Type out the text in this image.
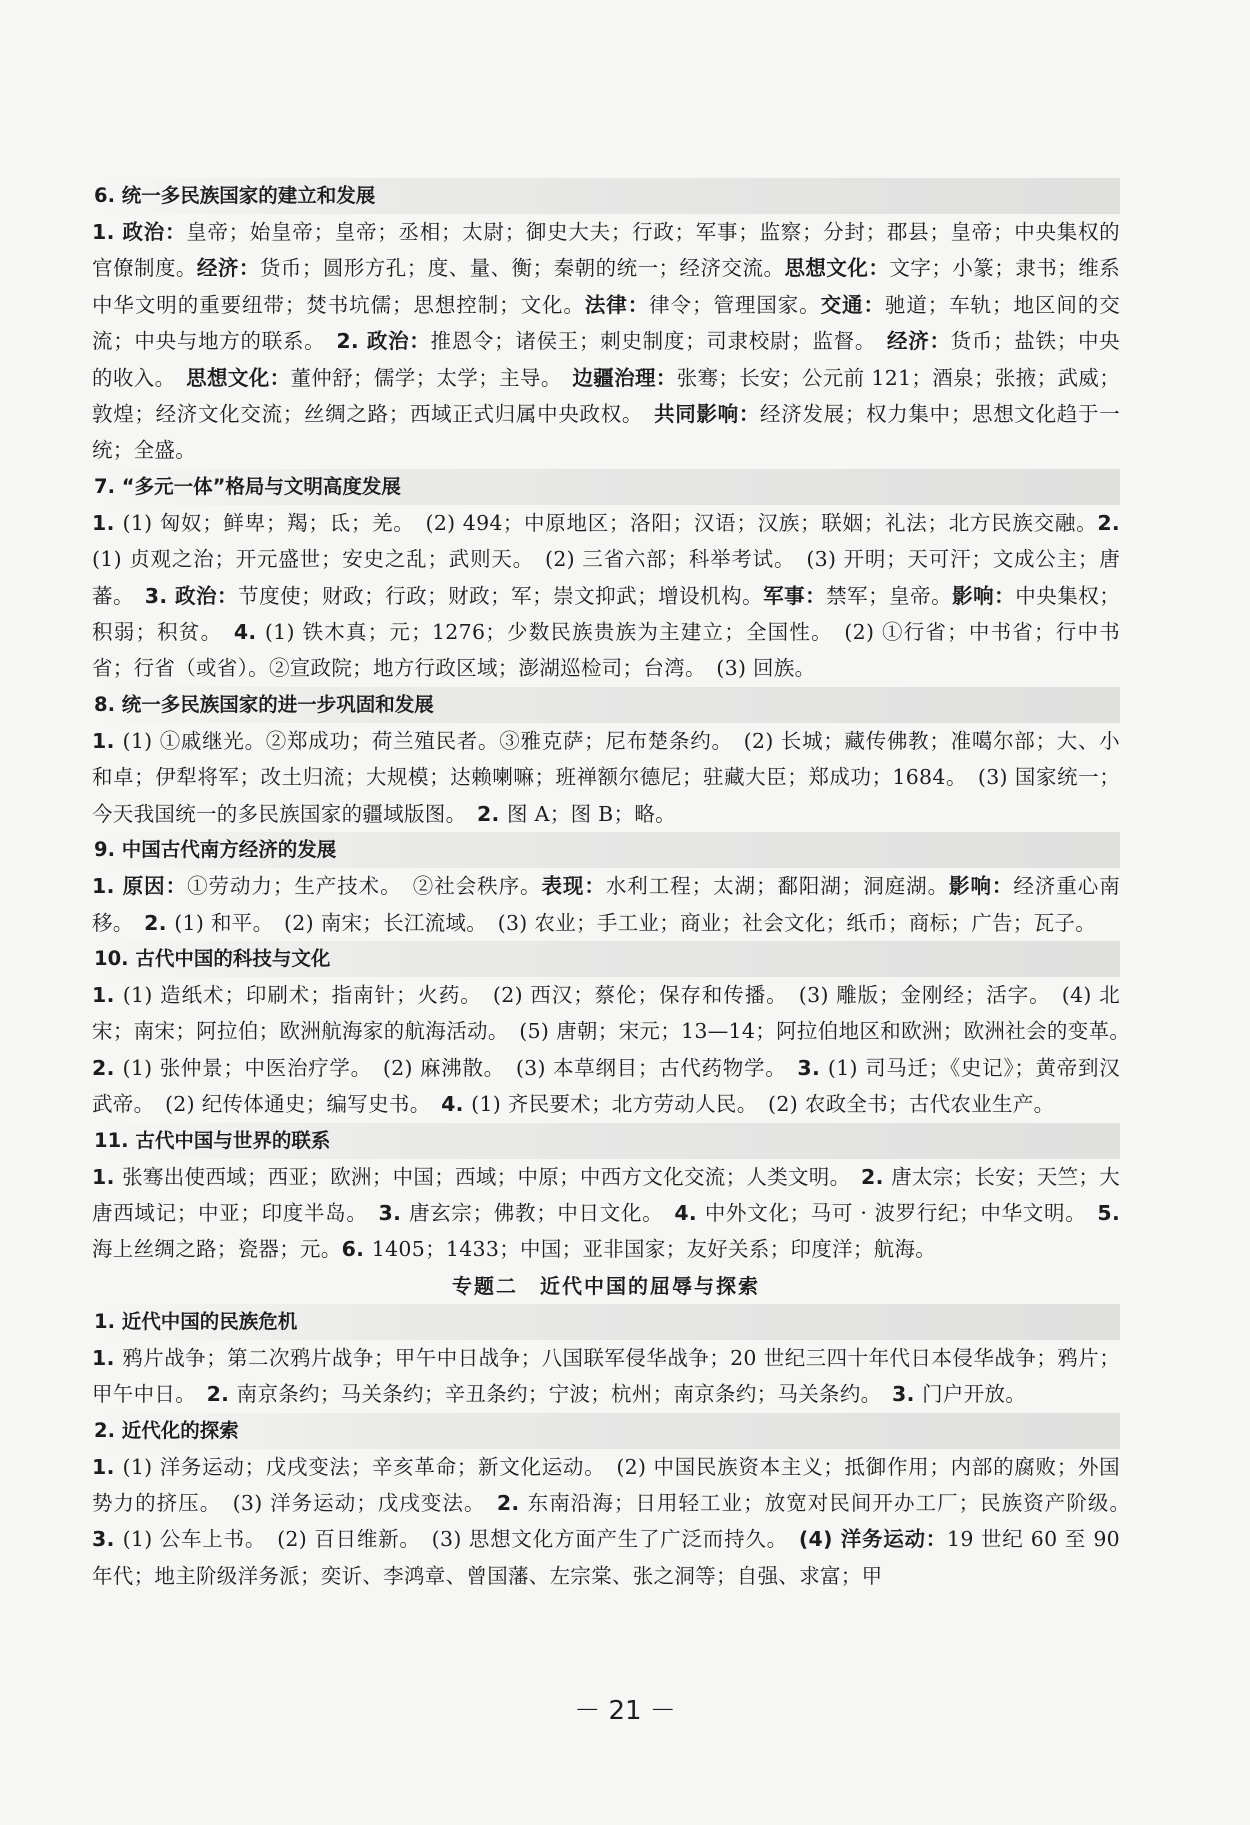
6. 统一多民族国家的建立和发展
1. 政治：皇帝；始皇帝；皇帝；丞相；太尉；御史大夫；行政；军事；监察；分封；郡县；皇帝；中央集权的官僚制度。经济：货币；圆形方孔；度、量、衡；秦朝的统一；经济交流。思想文化：文字；小篆；隶书；维系中华文明的重要纽带；焚书坑儒；思想控制；文化。法律：律令；管理国家。交通：驰道；车轨；地区间的交流；中央与地方的联系。　2. 政治：推恩令；诸侯王；刺史制度；司隶校尉；监督。　经济：货币；盐铁；中央的收入。　思想文化：董仲舒；儒学；太学；主导。　边疆治理：张骞；长安；公元前 121；酒泉；张掖；武威；敦煌；经济文化交流；丝绸之路；西域正式归属中央政权。　共同影响：经济发展；权力集中；思想文化趋于一统；全盛。
7. “多元一体”格局与文明高度发展
1. (1) 匈奴；鲜卑；羯；氐；羌。　(2) 494；中原地区；洛阳；汉语；汉族；联姻；礼法；北方民族交融。2. (1) 贞观之治；开元盛世；安史之乱；武则天。　(2) 三省六部；科举考试。　(3) 开明；天可汗；文成公主；唐蕃。　3. 政治：节度使；财政；行政；财政；军；崇文抑武；增设机构。军事：禁军；皇帝。影响：中央集权；积弱；积贫。　4. (1) 铁木真；元；1276；少数民族贵族为主建立；全国性。　(2) ①行省；中书省；行中书省；行省（或省）。②宣政院；地方行政区域；澎湖巡检司；台湾。　(3) 回族。
8. 统一多民族国家的进一步巩固和发展
1. (1) ①戚继光。②郑成功；荷兰殖民者。③雅克萨；尼布楚条约。　(2) 长城；藏传佛教；准噶尔部；大、小和卓；伊犁将军；改土归流；大规模；达赖喇嘛；班禅额尔德尼；驻藏大臣；郑成功；1684。　(3) 国家统一；今天我国统一的多民族国家的疆域版图。　2. 图 A；图 B；略。
9. 中国古代南方经济的发展
1. 原因：①劳动力；生产技术。　②社会秩序。表现：水利工程；太湖；鄱阳湖；洞庭湖。影响：经济重心南移。　2. (1) 和平。　(2) 南宋；长江流域。　(3) 农业；手工业；商业；社会文化；纸币；商标；广告；瓦子。
10. 古代中国的科技与文化
1. (1) 造纸术；印刷术；指南针；火药。　(2) 西汉；蔡伦；保存和传播。　(3) 雕版；金刚经；活字。　(4) 北宋；南宋；阿拉伯；欧洲航海家的航海活动。　(5) 唐朝；宋元；13—14；阿拉伯地区和欧洲；欧洲社会的变革。　2. (1) 张仲景；中医治疗学。　(2) 麻沸散。　(3) 本草纲目；古代药物学。　3. (1) 司马迁；《史记》；黄帝到汉武帝。　(2) 纪传体通史；编写史书。　4. (1) 齐民要术；北方劳动人民。　(2) 农政全书；古代农业生产。
11. 古代中国与世界的联系
1. 张骞出使西域；西亚；欧洲；中国；西域；中原；中西方文化交流；人类文明。　2. 唐太宗；长安；天竺；大唐西域记；中亚；印度半岛。　3. 唐玄宗；佛教；中日文化。　4. 中外文化；马可 · 波罗行纪；中华文明。　5. 海上丝绸之路；瓷器；元。6. 1405；1433；中国；亚非国家；友好关系；印度洋；航海。
专题二　近代中国的屈辱与探索
1. 近代中国的民族危机
1. 鸦片战争；第二次鸦片战争；甲午中日战争；八国联军侵华战争；20 世纪三四十年代日本侵华战争；鸦片；甲午中日。　2. 南京条约；马关条约；辛丑条约；宁波；杭州；南京条约；马关条约。　3. 门户开放。
2. 近代化的探索
1. (1) 洋务运动；戊戌变法；辛亥革命；新文化运动。　(2) 中国民族资本主义；抵御作用；内部的腐败；外国势力的挤压。　(3) 洋务运动；戊戌变法。　2. 东南沿海；日用轻工业；放宽对民间开办工厂；民族资产阶级。　3. (1) 公车上书。　(2) 百日维新。　(3) 思想文化方面产生了广泛而持久。　(4) 洋务运动：19 世纪 60 至 90 年代；地主阶级洋务派；奕䜣、李鸿章、曾国藩、左宗棠、张之洞等；自强、求富；甲
－ 21 －
